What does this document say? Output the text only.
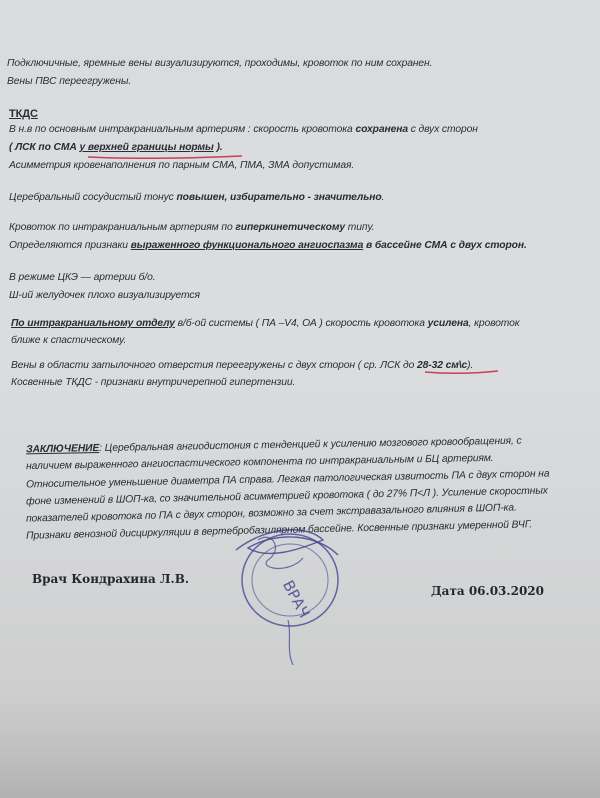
Подключичные, яремные вены визуализируются, проходимы, кровоток по ним сохранен.
Вены ПВС переегружены.
ТКДС
В н.в по основным интракраниальным артериям : скорость кровотока сохранена с двух сторон
( ЛСК по СМА у верхней границы нормы ).
Асимметрия кровенаполнения по парным СМА, ПМА, ЗМА допустимая.
Церебральный сосудистый тонус повышен, избирательно - значительно.
Кровоток по интракраниальным артериям по гиперкинетическому типу.
Определяются признаки выраженного функционального ангиоспазма в бассейне СМА с двух сторон.
В режиме ЦКЭ — артерии б/о.
Ш-ий желудочек плохо визуализируется
По интракраниальному отделу в/б-ой системы ( ПА –V4, ОА ) скорость кровотока усилена, кровоток
ближе к спастическому.
Вены в области затылочного отверстия переегружены с двух сторон ( ср. ЛСК до 28-32 см\с).
Косвенные ТКДС - признаки внутричерепной гипертензии.
ЗАКЛЮЧЕНИЕ: Церебральная ангиодистония с тенденцией к усилению мозгового кровообращения, с
наличием выраженного ангиоспастического компонента по интракраниальным и БЦ артериям.
Относительное уменьшение диаметра ПА справа. Легкая патологическая извитость ПА с двух сторон на
фоне изменений в ШОП-ка, со значительной асимметрией кровотока ( до 27% П<Л ). Усиление скоростных
показателей кровотока по ПА с двух сторон, возможно за счет экстравазального влияния в ШОП-ка.
Признаки венозной дисциркуляции в вертебробазилярном бассейне. Косвенные признаки умеренной ВЧГ.
Врач Кондрахина Л.В.
Дата 06.03.2020
ВРАЧ
